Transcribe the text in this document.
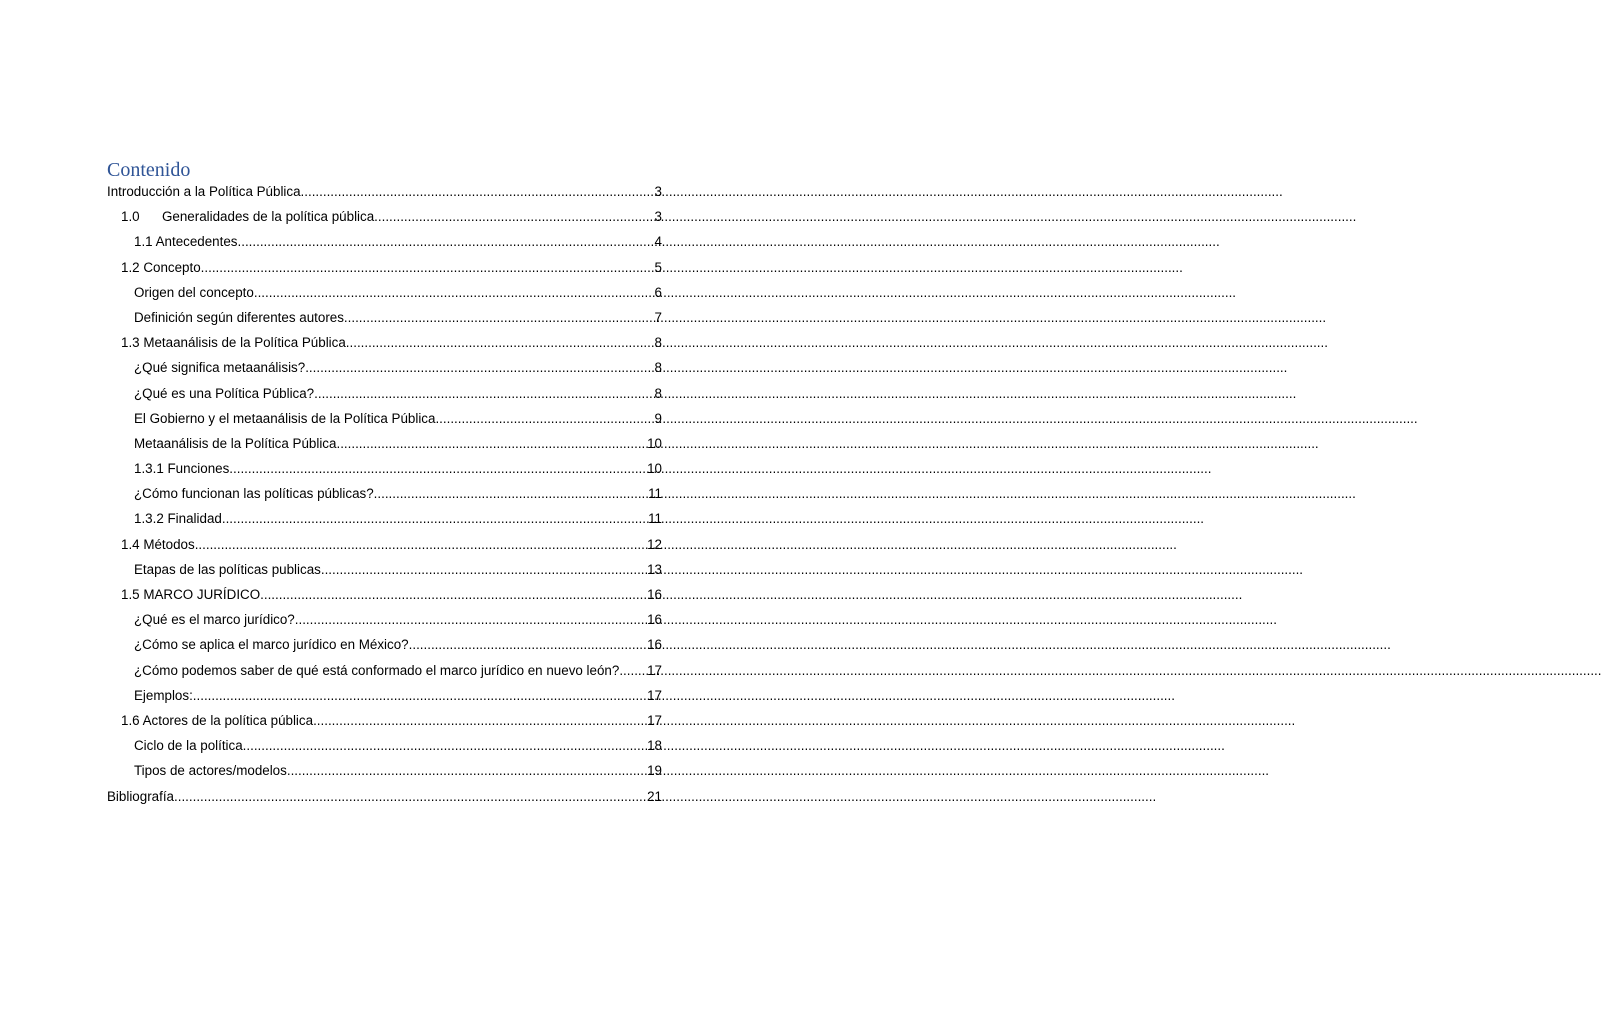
Contenido
Introducción a la Política Pública .....	3
1.0	Generalidades de la política pública .....	3
1.1 Antecedentes .....	4
1.2 Concepto .....	5
Origen del concepto .....	6
Definición según diferentes autores .....	7
1.3 Metaanálisis de la Política Pública .....	8
¿Qué significa metaanálisis? .....	8
¿Qué es una Política Pública? .....	8
El Gobierno y el metaanálisis de la Política Pública .....	9
Metaanálisis de la Política Pública .....	10
1.3.1 Funciones .....	10
¿Cómo funcionan las políticas públicas? .....	11
1.3.2 Finalidad .....	11
1.4 Métodos .....	12
Etapas de las políticas publicas .....	13
1.5 MARCO JURÍDICO .....	16
¿Qué es el marco jurídico? .....	16
¿Cómo se aplica el marco jurídico en México? .....	16
¿Cómo podemos saber de qué está conformado el marco jurídico en nuevo león? ..... 17
Ejemplos: .....	17
1.6 Actores de la política pública .....	17
Ciclo de la política .....	18
Tipos de actores/modelos .....	19
Bibliografía .....	21
